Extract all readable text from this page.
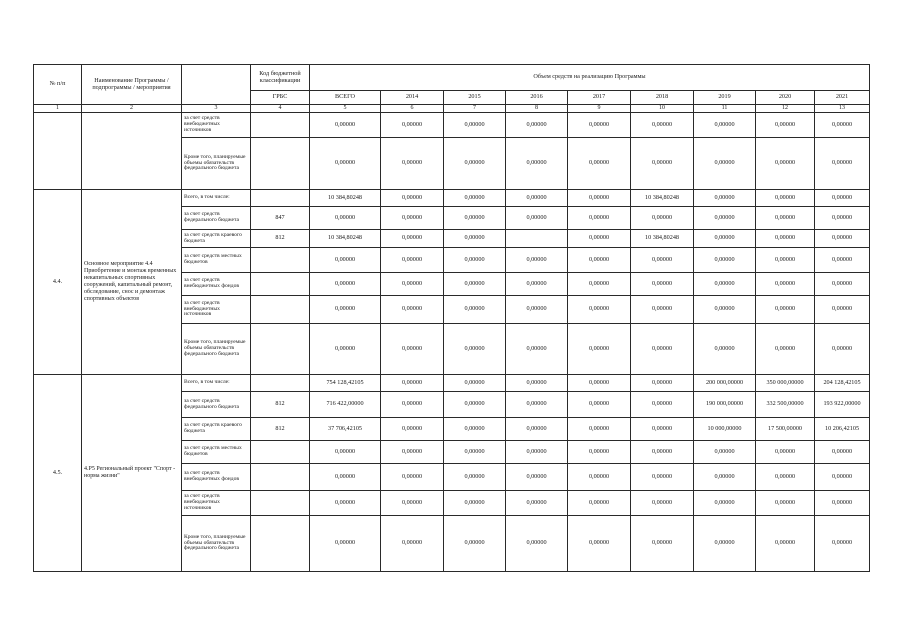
№ п/п	Наименование Программы / подпрограммы / мероприятия		Код бюджетной классификации	Объем средств на реализацию Программы								
			ГРБС	ВСЕГО	2014	2015	2016	2017	2018	2019	2020	2021
1	2	3	4	5	6	7	8	9	10	11	12	13
		за счет средств внебюджетных источников		0,00000	0,00000	0,00000	0,00000	0,00000	0,00000	0,00000	0,00000	0,00000
		Кроме того, планируемые объемы обязательств федерального бюджета		0,00000	0,00000	0,00000	0,00000	0,00000	0,00000	0,00000	0,00000	0,00000
4.4.	Основное мероприятие 4.4 Приобретение и монтаж временных некапитальных спортивных сооружений, капитальный ремонт, обследование, снос и демонтаж спортивных объектов	Всего, в том числе:		10 384,80248	0,00000	0,00000	0,00000	0,00000	10 384,80248	0,00000	0,00000	0,00000
		за счет средств федерального бюджета	847	0,00000	0,00000	0,00000	0,00000	0,00000	0,00000	0,00000	0,00000	0,00000
		за счет средств краевого бюджета	812	10 384,80248	0,00000	0,00000		0,00000	10 384,80248	0,00000	0,00000	0,00000
		за счет средств местных бюджетов		0,00000	0,00000	0,00000	0,00000	0,00000	0,00000	0,00000	0,00000	0,00000
		за счет средств внебюджетных фондов		0,00000	0,00000	0,00000	0,00000	0,00000	0,00000	0,00000	0,00000	0,00000
		за счет средств внебюджетных источников		0,00000	0,00000	0,00000	0,00000	0,00000	0,00000	0,00000	0,00000	0,00000
		Кроме того, планируемые объемы обязательств федерального бюджета		0,00000	0,00000	0,00000	0,00000	0,00000	0,00000	0,00000	0,00000	0,00000
4.5.	4.P5 Региональный проект "Спорт - норма жизни"	Всего, в том числе:		754 128,42105	0,00000	0,00000	0,00000	0,00000	0,00000	200 000,00000	350 000,00000	204 128,42105
		за счет средств федерального бюджета	812	716 422,00000	0,00000	0,00000	0,00000	0,00000	0,00000	190 000,00000	332 500,00000	193 922,00000
		за счет средств краевого бюджета	812	37 706,42105	0,00000	0,00000	0,00000	0,00000	0,00000	10 000,00000	17 500,00000	10 206,42105
		за счет средств местных бюджетов		0,00000	0,00000	0,00000	0,00000	0,00000	0,00000	0,00000	0,00000	0,00000
		за счет средств внебюджетных фондов		0,00000	0,00000	0,00000	0,00000	0,00000	0,00000	0,00000	0,00000	0,00000
		за счет средств внебюджетных источников		0,00000	0,00000	0,00000	0,00000	0,00000	0,00000	0,00000	0,00000	0,00000
		Кроме того, планируемые объемы обязательств федерального бюджета		0,00000	0,00000	0,00000	0,00000	0,00000	0,00000	0,00000	0,00000	0,00000
